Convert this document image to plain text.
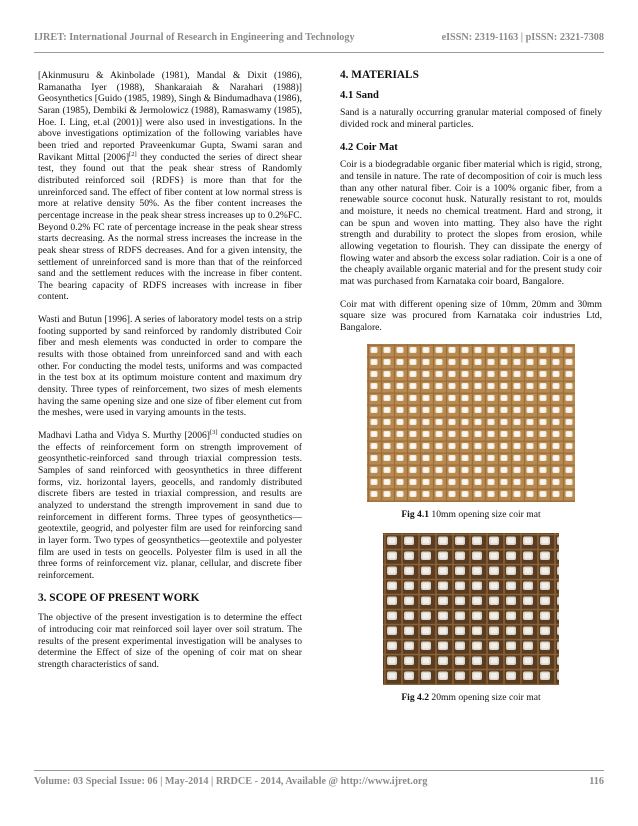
IJRET: International Journal of Research in Engineering and Technology	eISSN: 2319-1163 | pISSN: 2321-7308

[Akinmusuru & Akinbolade (1981), Mandal & Dixit (1986), Ramanatha Iyer (1988), Shankaraiah & Narahari (1988)] Geosynthetics [Guido (1985, 1989), Singh & Bindumadhava (1986), Saran (1985), Dembiki & Jermolowicz (1988), Ramaswamy (1985), Hoe. I. Ling, et.al (2001)] were also used in investigations. In the above investigations optimization of the following variables have been tried and reported Praveenkumar Gupta, Swami saran and Ravikant Mittal [2006][2] they conducted the series of direct shear test, they found out that the peak shear stress of Randomly distributed reinforced soil {RDFS} is more than that for the unreinforced sand. The effect of fiber content at low normal stress is more at relative density 50%. As the fiber content increases the percentage increase in the peak shear stress increases up to 0.2%FC. Beyond 0.2% FC rate of percentage increase in the peak shear stress starts decreasing. As the normal stress increases the increase in the peak shear stress of RDFS decreases. And for a given intensity, the settlement of unreinforced sand is more than that of the reinforced sand and the settlement reduces with the increase in fiber content. The bearing capacity of RDFS increases with increase in fiber content.

Wasti and Butun [1996]. A series of laboratory model tests on a strip footing supported by sand reinforced by randomly distributed Coir fiber and mesh elements was conducted in order to compare the results with those obtained from unreinforced sand and with each other. For conducting the model tests, uniforms and was compacted in the test box at its optimum moisture content and maximum dry density. Three types of reinforcement, two sizes of mesh elements having the same opening size and one size of fiber element cut from the meshes, were used in varying amounts in the tests.

Madhavi Latha and Vidya S. Murthy [2006][3] conducted studies on the effects of reinforcement form on strength improvement of geosynthetic-reinforced sand through triaxial compression tests. Samples of sand reinforced with geosynthetics in three different forms, viz. horizontal layers, geocells, and randomly distributed discrete fibers are tested in triaxial compression, and results are analyzed to understand the strength improvement in sand due to reinforcement in different forms. Three types of geosynthetics—geotextile, geogrid, and polyester film are used for reinforcing sand in layer form. Two types of geosynthetics—geotextile and polyester film are used in tests on geocells. Polyester film is used in all the three forms of reinforcement viz. planar, cellular, and discrete fiber reinforcement.

3. SCOPE OF PRESENT WORK

The objective of the present investigation is to determine the effect of introducing coir mat reinforced soil layer over soil stratum. The results of the present experimental investigation will be analyses to determine the Effect of size of the opening of coir mat on shear strength characteristics of sand.

4. MATERIALS
4.1 Sand

Sand is a naturally occurring granular material composed of finely divided rock and mineral particles.

4.2 Coir Mat

Coir is a biodegradable organic fiber material which is rigid, strong, and tensile in nature. The rate of decomposition of coir is much less than any other natural fiber. Coir is a 100% organic fiber, from a renewable source coconut husk. Naturally resistant to rot, moulds and moisture, it needs no chemical treatment. Hard and strong, it can be spun and woven into matting. They also have the right strength and durability to protect the slopes from erosion, while allowing vegetation to flourish. They can dissipate the energy of flowing water and absorb the excess solar radiation. Coir is a one of the cheaply available organic material and for the present study coir mat was purchased from Karnataka coir board, Bangalore.

Coir mat with different opening size of 10mm, 20mm and 30mm square size was procured from Karnataka coir industries Ltd, Bangalore.

Fig 4.1 10mm opening size coir mat
Fig 4.2 20mm opening size coir mat
Volume: 03 Special Issue: 06 | May-2014 | RRDCE - 2014, Available @ http://www.ijret.org	116
